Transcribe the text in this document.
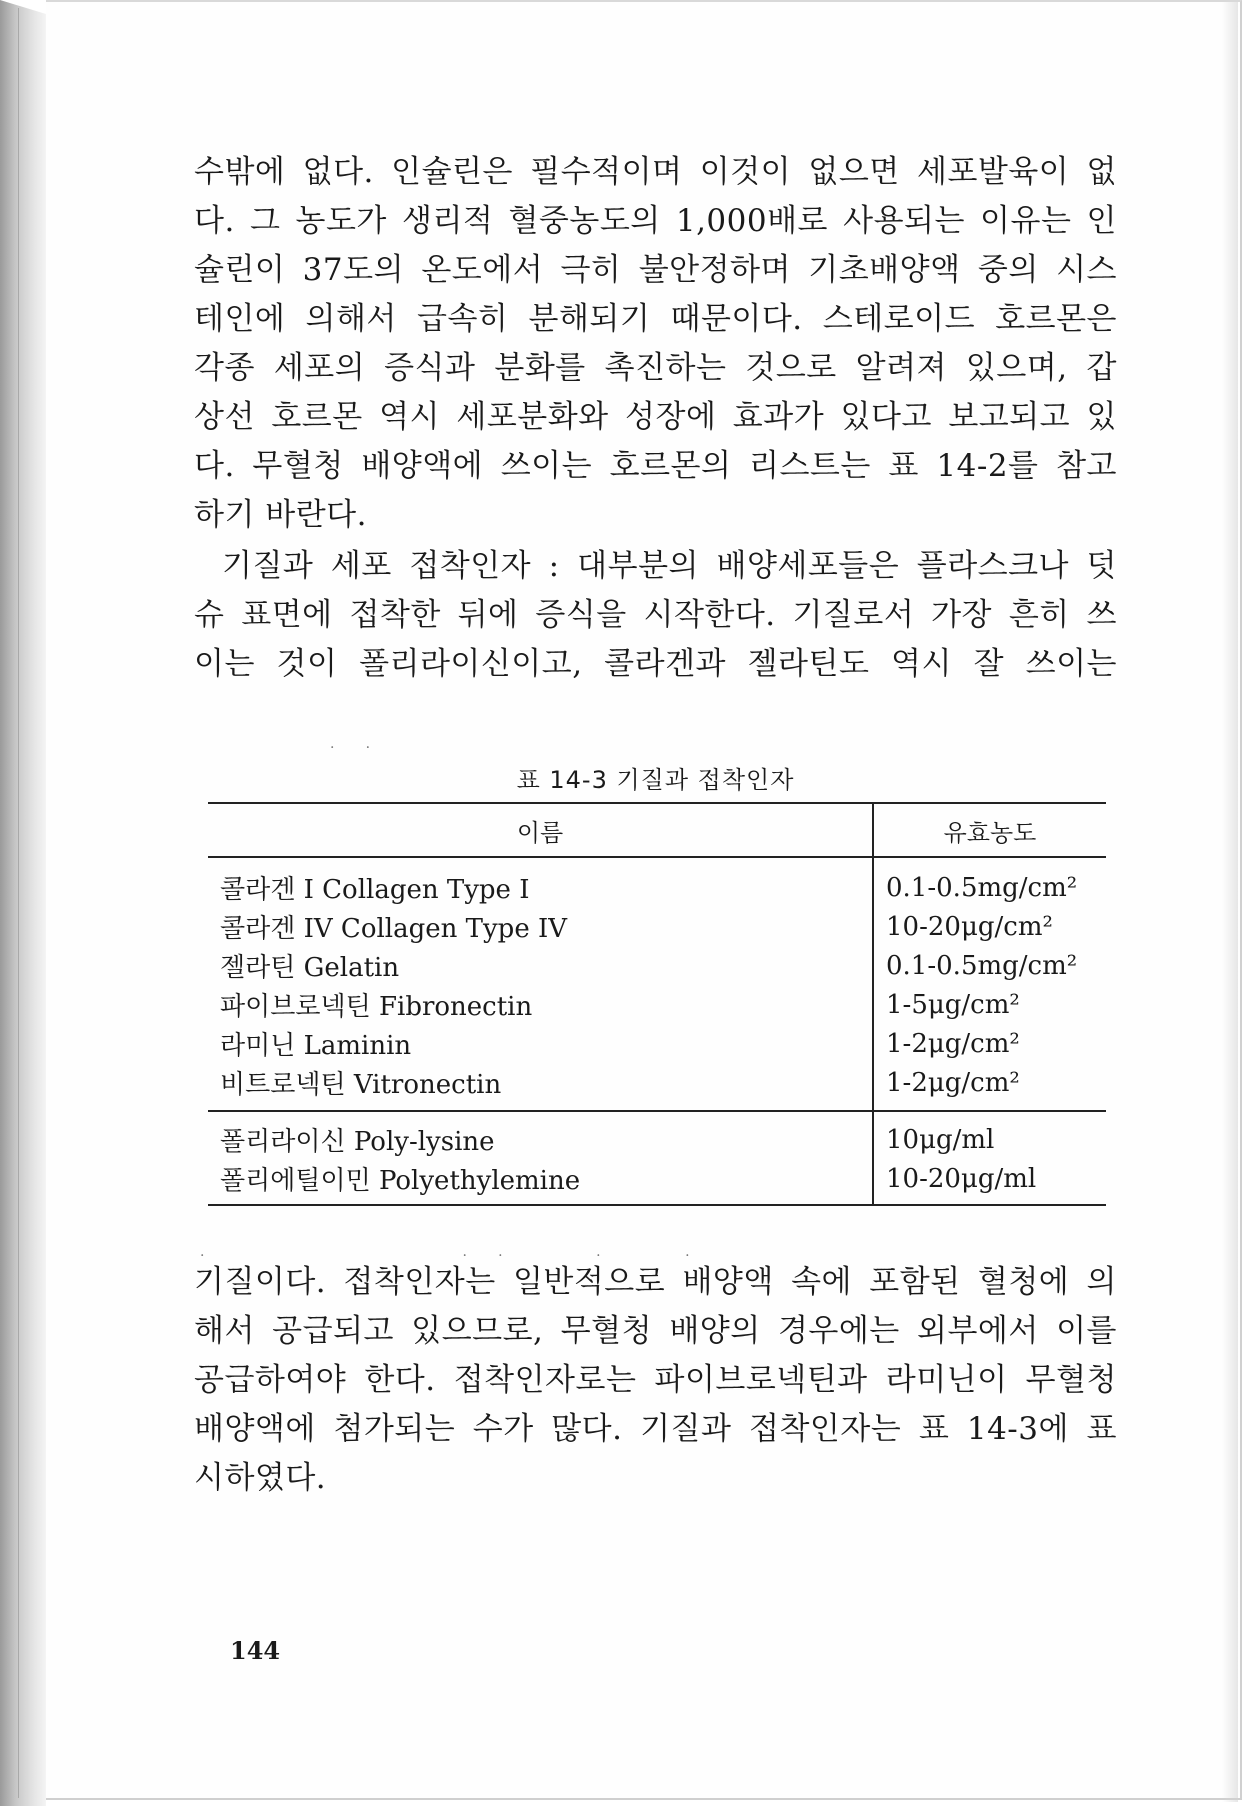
수밖에 없다. 인슐린은 필수적이며 이것이 없으면 세포발육이 없
다. 그 농도가 생리적 혈중농도의 1,000배로 사용되는 이유는 인
슐린이 37도의 온도에서 극히 불안정하며 기초배양액 중의 시스
테인에 의해서 급속히 분해되기 때문이다. 스테로이드 호르몬은
각종 세포의 증식과 분화를 촉진하는 것으로 알려져 있으며, 갑
상선 호르몬 역시 세포분화와 성장에 효과가 있다고 보고되고 있
다. 무혈청 배양액에 쓰이는 호르몬의 리스트는 표 14-2를 참고
하기 바란다.
기질과 세포 접착인자 : 대부분의 배양세포들은 플라스크나 덧
슈 표면에 접착한 뒤에 증식을 시작한다. 기질로서 가장 흔히 쓰
이는 것이 폴리라이신이고, 콜라겐과 젤라틴도 역시 잘 쓰이는
·       ·
표 14-3 기질과 접착인자
이름	유효농도
콜라겐 I Collagen Type I	0.1-0.5mg/cm²
콜라겐 IV Collagen Type IV	10-20μg/cm²
젤라틴 Gelatin	0.1-0.5mg/cm²
파이브로넥틴 Fibronectin	1-5μg/cm²
라미닌 Laminin	1-2μg/cm²
비트로넥틴 Vitronectin	1-2μg/cm²
폴리라이신 Poly-lysine	10μg/ml
폴리에틸이민 Polyethylemine	10-20μg/ml
·                                                          ·       ·                     ·                   ·
기질이다. 접착인자는 일반적으로 배양액 속에 포함된 혈청에 의
해서 공급되고 있으므로, 무혈청 배양의 경우에는 외부에서 이를
공급하여야 한다. 접착인자로는 파이브로넥틴과 라미닌이 무혈청
배양액에 첨가되는 수가 많다. 기질과 접착인자는 표 14-3에 표
시하였다.
144
